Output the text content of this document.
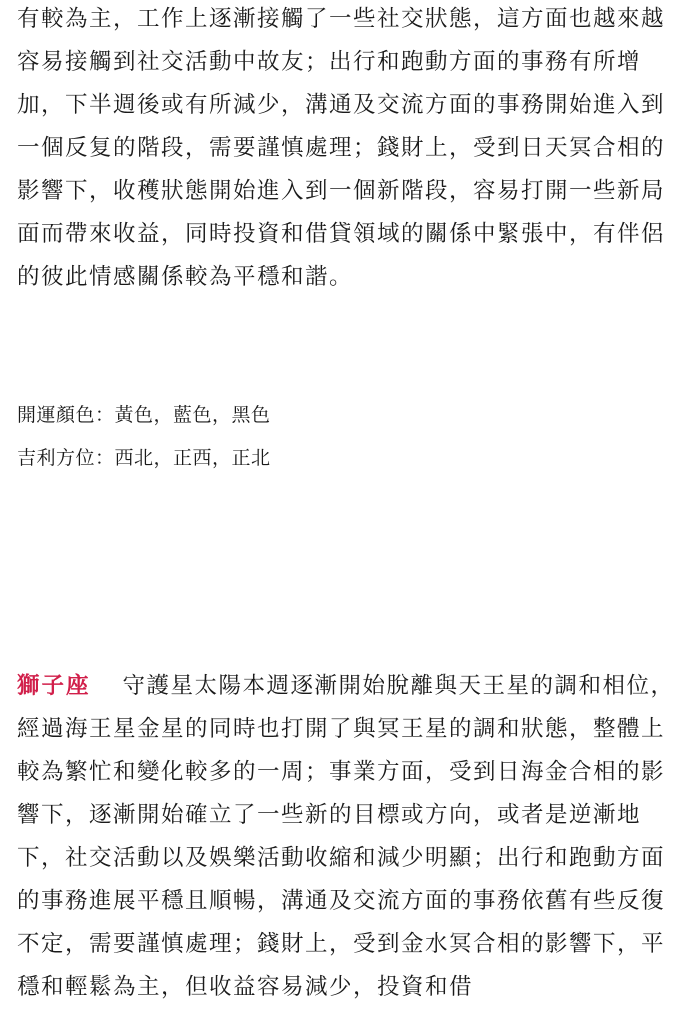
有較為主，工作上逐漸接觸了一些社交狀態，這方面也越來越容易接觸到社交活動中故友；出行和跑動方面的事務有所增加，下半週後或有所減少，溝通及交流方面的事務開始進入到一個反复的階段，需要謹慎處理；錢財上，受到日天冥合相的影響下，收穫狀態開始進入到一個新階段，容易打開一些新局面而帶來收益，同時投資和借貸領域的關係中緊張中，有伴侶的彼此情感關係較為平穩和諧。

開運顏色：黃色，藍色，黑色

吉利方位：西北，正西，正北

獅子座 守護星太陽本週逐漸開始脫離與天王星的調和相位，經過海王星金星的同時也打開了與冥王星的調和狀態，整體上較為繁忙和變化較多的一周；事業方面，受到日海金合相的影響下，逐漸開始確立了一些新的目標或方向，或者是逆漸地下，社交活動以及娛樂活動收縮和減少明顯；出行和跑動方面的事務進展平穩且順暢，溝通及交流方面的事務依舊有些反復不定，需要謹慎處理；錢財上，受到金水冥合相的影響下，平穩和輕鬆為主，但收益容易減少，投資和借
